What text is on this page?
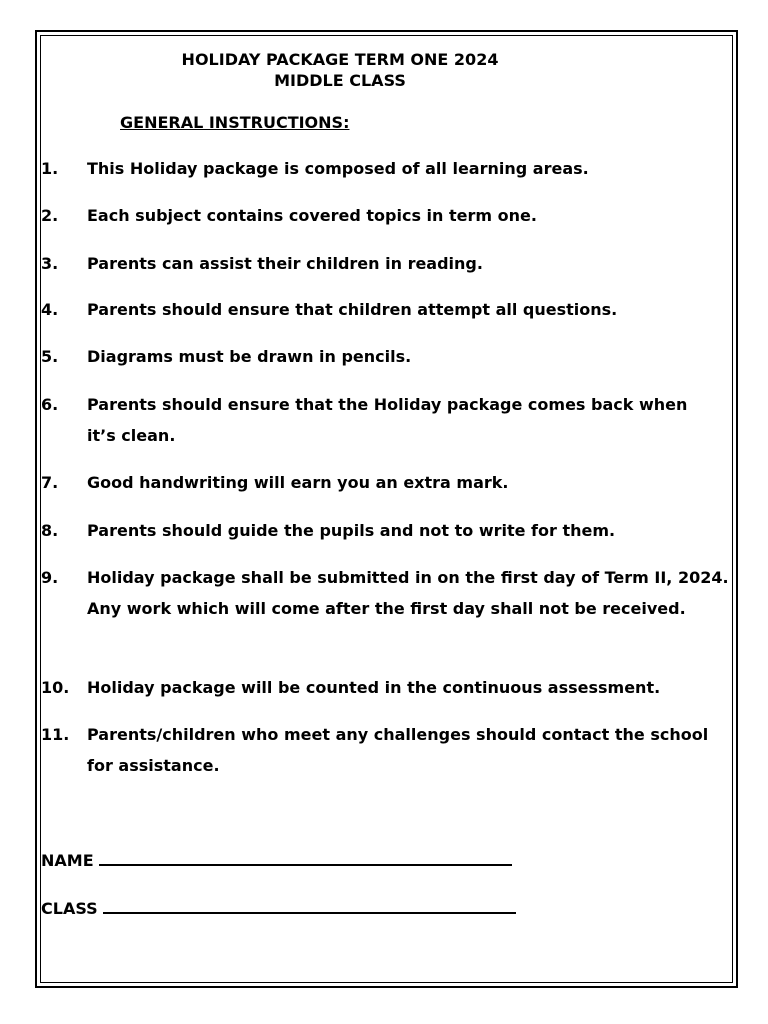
HOLIDAY PACKAGE TERM ONE 2024
MIDDLE CLASS
GENERAL INSTRUCTIONS:
1. This Holiday package is composed of all learning areas.
2. Each subject contains covered topics in term one.
3. Parents can assist their children in reading.
4. Parents should ensure that children attempt all questions.
5. Diagrams must be drawn in pencils.
6. Parents should ensure that the Holiday package comes back when it’s clean.
7. Good handwriting will earn you an extra mark.
8. Parents should guide the pupils and not to write for them.
9. Holiday package shall be submitted in on the first day of Term II, 2024. Any work which will come after the first day shall not be received.
10. Holiday package will be counted in the continuous assessment.
11. Parents/children who meet any challenges should contact the school for assistance.
NAME
CLASS
